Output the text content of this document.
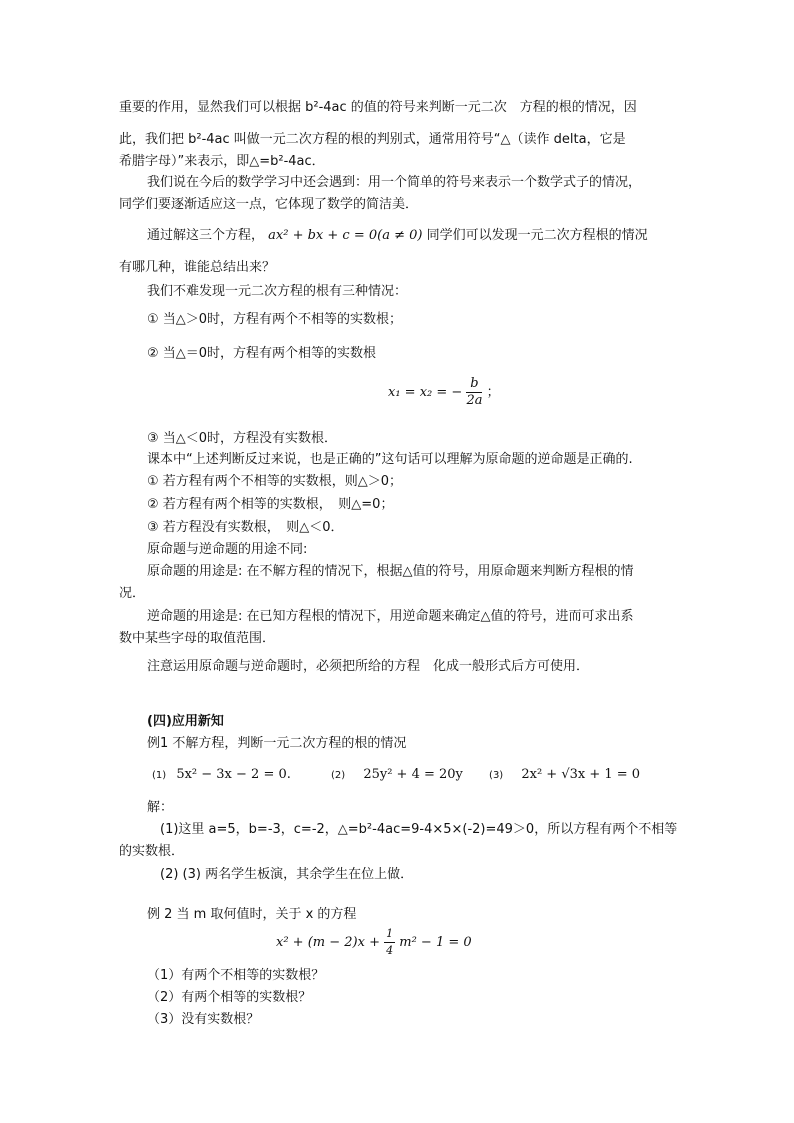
重要的作用，显然我们可以根据 b²-4ac 的值的符号来判断一元二次　方程的根的情况，因
此，我们把 b²-4ac 叫做一元二次方程的根的判别式，通常用符号“△（读作 delta，它是
希腊字母）”来表示，即△=b²-4ac．
我们说在今后的数学学习中还会遇到：用一个简单的符号来表示一个数学式子的情况，
同学们要逐渐适应这一点，它体现了数学的简洁美．
通过解这三个方程， ax² + bx + c = 0(a ≠ 0) 同学们可以发现一元二次方程根的情况
有哪几种，谁能总结出来？
我们不难发现一元二次方程的根有三种情况：
① 当△＞0时，方程有两个不相等的实数根；
② 当△＝0时，方程有两个相等的实数根
x₁ = x₂ = − $\frac{b}{2a}$ ；
③ 当△＜0时，方程没有实数根．
课本中“上述判断反过来说，也是正确的”这句话可以理解为原命题的逆命题是正确的.
① 若方程有两个不相等的实数根，则△＞0；
② 若方程有两个相等的实数根，　则△=0；
③ 若方程没有实数根，　则△＜0．
原命题与逆命题的用途不同:
原命题的用途是: 在不解方程的情况下，根据△值的符号，用原命题来判断方程根的情
况．
逆命题的用途是: 在已知方程根的情况下，用逆命题来确定△值的符号，进而可求出系
数中某些字母的取值范围．
注意运用原命题与逆命题时，必须把所给的方程　化成一般形式后方可使用．
(四)应用新知
例1 不解方程，判断一元二次方程的根的情况
(1) 5x² − 3x − 2 = 0.	(2) 25y² + 4 = 20y	(3) 2x² + √3x + 1 = 0
解：
(1)这里 a=5，b=-3，c=-2，△=b²-4ac=9-4×5×(-2)=49＞0，所以方程有两个不相等
的实数根．
(2) (3) 两名学生板演，其余学生在位上做．
例 2 当 m 取何值时，关于 x 的方程
$x^2 + (m - 2)x + \frac{1}{4} m^2 - 1 = 0$
（1）有两个不相等的实数根？
（2）有两个相等的实数根？
（3）没有实数根？
